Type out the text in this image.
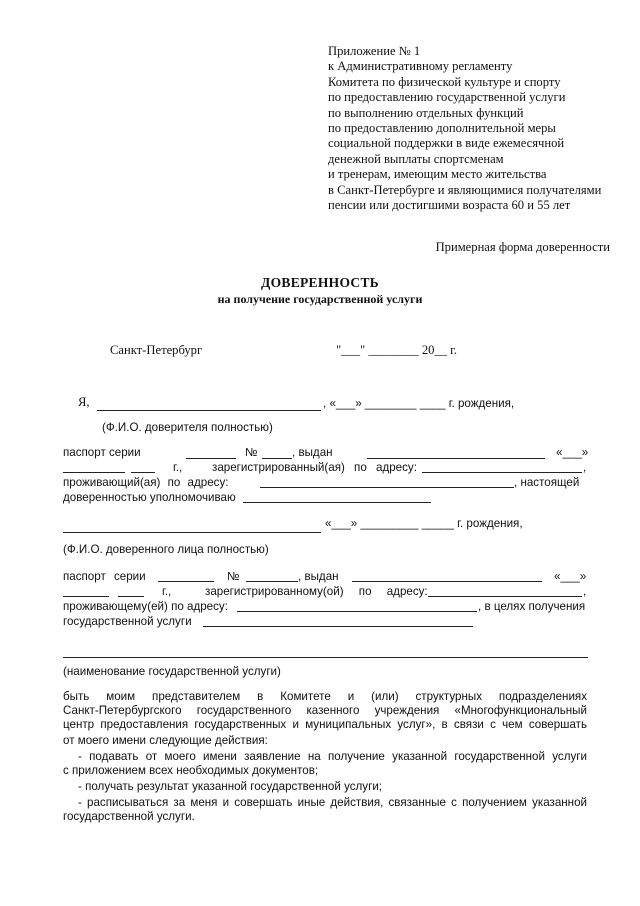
Приложение № 1
к Административному регламенту
Комитета по физической культуре и спорту
по предоставлению государственной услуги
по выполнению отдельных функций
по предоставлению дополнительной меры
социальной поддержки в виде ежемесячной
денежной выплаты спортсменам
и тренерам, имеющим место жительства
в Санкт-Петербурге и являющимися получателями
пенсии или достигшими возраста 60 и 55 лет
Примерная форма доверенности
ДОВЕРЕННОСТЬ
на получение государственной услуги
Санкт-Петербург	"___" ________ 20__ г.
Я,	, «___» ________ ____ г. рождения,
(Ф.И.О. доверителя полностью)
паспорт серии	№	, выдан	«___»
г.,	зарегистрированный(ая) по адресу:	,
проживающий(ая) по адресу:	, настоящей
доверенностью уполномочиваю
«___» _________ _____ г. рождения,
(Ф.И.О. доверенного лица полностью)
паспорт серии	№	, выдан	«___»
г.,	зарегистрированному(ой) по адресу:	,
проживающему(ей) по адресу:	, в целях получения
государственной услуги
(наименование государственной услуги)
быть моим представителем в Комитете и (или) структурных подразделениях
Санкт-Петербургского государственного казенного учреждения «Многофункциональный
центр предоставления государственных и муниципальных услуг», в связи с чем совершать
от моего имени следующие действия:
- подавать от моего имени заявление на получение указанной государственной услуги
с приложением всех необходимых документов;
- получать результат указанной государственной услуги;
- расписываться за меня и совершать иные действия, связанные с получением указанной
государственной услуги.
